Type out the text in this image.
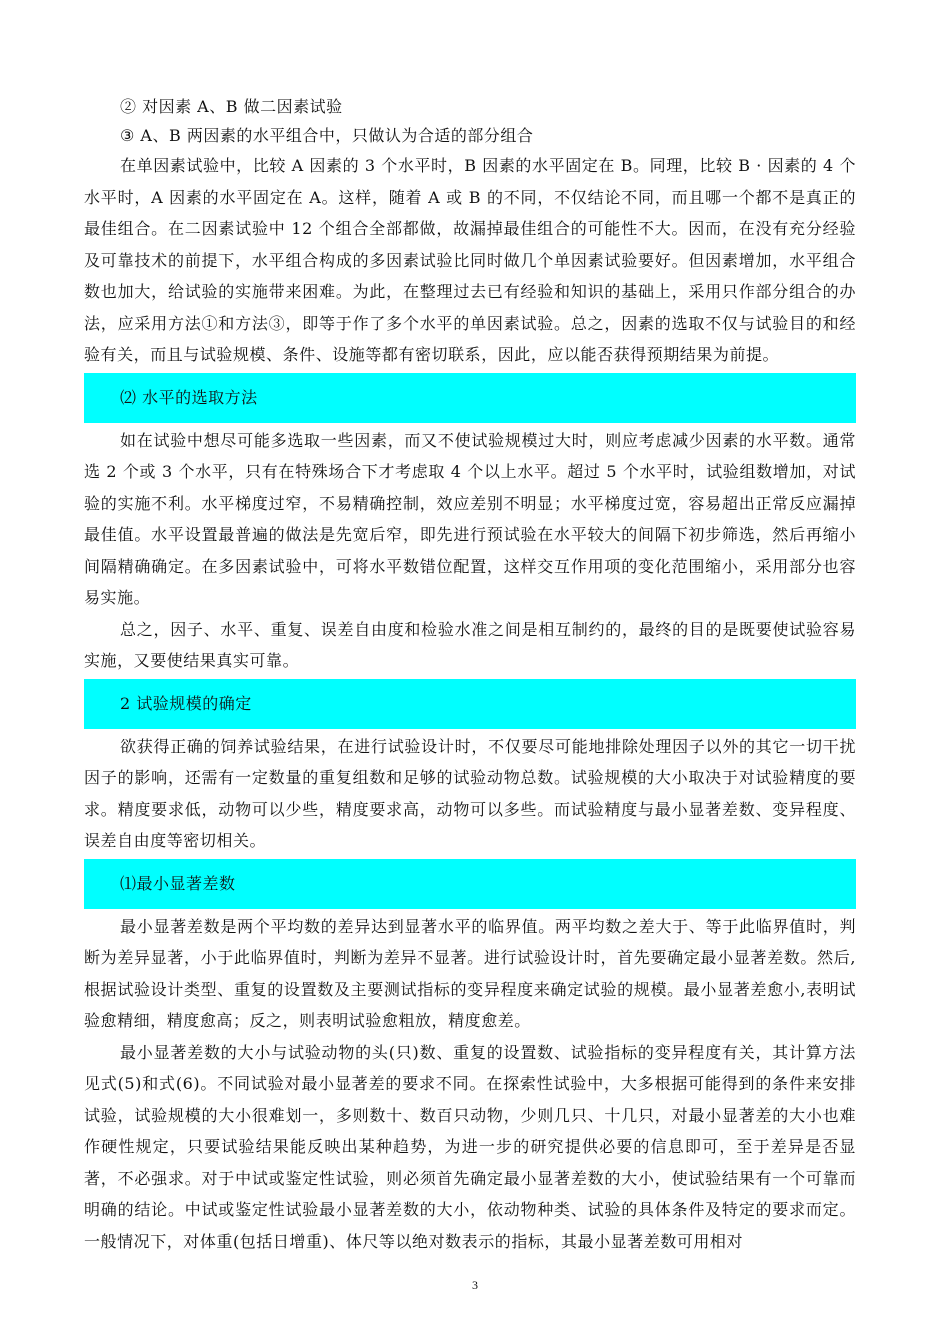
② 对因素 A、B 做二因素试验
③ A、B 两因素的水平组合中，只做认为合适的部分组合

在单因素试验中，比较 A 因素的 3 个水平时，B 因素的水平固定在 B。同理，比较 B · 因素的 4 个水平时，A 因素的水平固定在 A。这样，随着 A 或 B 的不同，不仅结论不同，而且哪一个都不是真正的最佳组合。在二因素试验中 12 个组合全部都做，故漏掉最佳组合的可能性不大。因而，在没有充分经验及可靠技术的前提下，水平组合构成的多因素试验比同时做几个单因素试验要好。但因素增加，水平组合数也加大，给试验的实施带来困难。为此，在整理过去已有经验和知识的基础上，采用只作部分组合的办法，应采用方法①和方法③，即等于作了多个水平的单因素试验。总之，因素的选取不仅与试验目的和经验有关，而且与试验规模、条件、设施等都有密切联系，因此，应以能否获得预期结果为前提。

⑵ 水平的选取方法

如在试验中想尽可能多选取一些因素，而又不使试验规模过大时，则应考虑减少因素的水平数。通常选 2 个或 3 个水平，只有在特殊场合下才考虑取 4 个以上水平。超过 5 个水平时，试验组数增加，对试验的实施不利。水平梯度过窄，不易精确控制，效应差别不明显；水平梯度过宽，容易超出正常反应漏掉最佳值。水平设置最普遍的做法是先宽后窄，即先进行预试验在水平较大的间隔下初步筛选，然后再缩小间隔精确确定。在多因素试验中，可将水平数错位配置，这样交互作用项的变化范围缩小，采用部分也容易实施。

总之，因子、水平、重复、误差自由度和检验水准之间是相互制约的，最终的目的是既要使试验容易实施，又要使结果真实可靠。

2 试验规模的确定

欲获得正确的饲养试验结果，在进行试验设计时，不仅要尽可能地排除处理因子以外的其它一切干扰因子的影响，还需有一定数量的重复组数和足够的试验动物总数。试验规模的大小取决于对试验精度的要求。精度要求低，动物可以少些，精度要求高，动物可以多些。而试验精度与最小显著差数、变异程度、误差自由度等密切相关。

⑴最小显著差数

最小显著差数是两个平均数的差异达到显著水平的临界值。两平均数之差大于、等于此临界值时，判断为差异显著，小于此临界值时，判断为差异不显著。进行试验设计时，首先要确定最小显著差数。然后,根据试验设计类型、重复的设置数及主要测试指标的变异程度来确定试验的规模。最小显著差愈小,表明试验愈精细，精度愈高；反之，则表明试验愈粗放，精度愈差。

最小显著差数的大小与试验动物的头(只)数、重复的设置数、试验指标的变异程度有关，其计算方法见式(5)和式(6)。不同试验对最小显著差的要求不同。在探索性试验中，大多根据可能得到的条件来安排试验，试验规模的大小很难划一，多则数十、数百只动物，少则几只、十几只，对最小显著差的大小也难作硬性规定，只要试验结果能反映出某种趋势，为进一步的研究提供必要的信息即可，至于差异是否显著，不必强求。对于中试或鉴定性试验，则必须首先确定最小显著差数的大小，使试验结果有一个可靠而明确的结论。中试或鉴定性试验最小显著差数的大小，依动物种类、试验的具体条件及特定的要求而定。一般情况下，对体重(包括日增重)、体尺等以绝对数表示的指标，其最小显著差数可用相对

3
